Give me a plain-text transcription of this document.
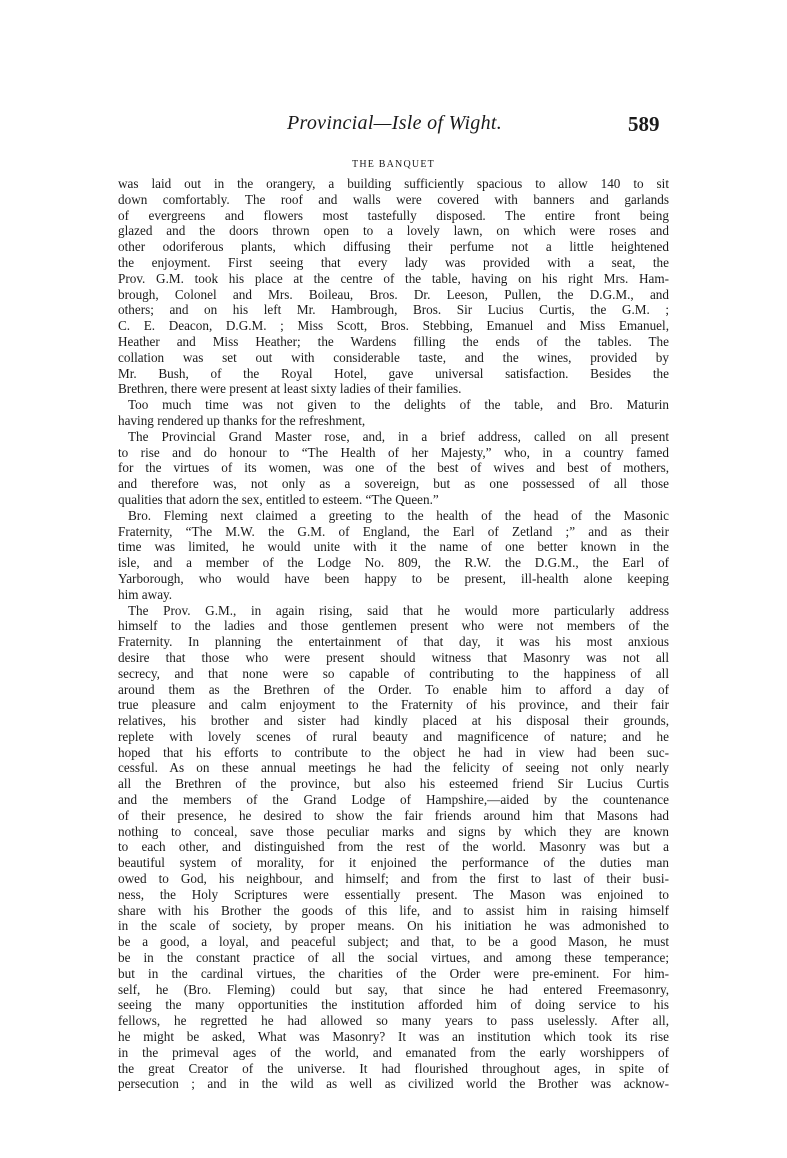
Provincial—Isle of Wight.	589
THE BANQUET
was laid out in the orangery, a building sufficiently spacious to allow 140 to sit
down comfortably. The roof and walls were covered with banners and garlands
of evergreens and flowers most tastefully disposed. The entire front being
glazed and the doors thrown open to a lovely lawn, on which were roses and
other odoriferous plants, which diffusing their perfume not a little heightened
the enjoyment. First seeing that every lady was provided with a seat, the
Prov. G.M. took his place at the centre of the table, having on his right Mrs. Ham-
brough, Colonel and Mrs. Boileau, Bros. Dr. Leeson, Pullen, the D.G.M., and
others; and on his left Mr. Hambrough, Bros. Sir Lucius Curtis, the G.M. ;
C. E. Deacon, D.G.M. ; Miss Scott, Bros. Stebbing, Emanuel and Miss Emanuel,
Heather and Miss Heather; the Wardens filling the ends of the tables. The
collation was set out with considerable taste, and the wines, provided by
Mr. Bush, of the Royal Hotel, gave universal satisfaction. Besides the
Brethren, there were present at least sixty ladies of their families.
Too much time was not given to the delights of the table, and Bro. Maturin
having rendered up thanks for the refreshment,
The Provincial Grand Master rose, and, in a brief address, called on all present
to rise and do honour to “The Health of her Majesty,” who, in a country famed
for the virtues of its women, was one of the best of wives and best of mothers,
and therefore was, not only as a sovereign, but as one possessed of all those
qualities that adorn the sex, entitled to esteem. “The Queen.”
Bro. Fleming next claimed a greeting to the health of the head of the Masonic
Fraternity, “The M.W. the G.M. of England, the Earl of Zetland ;” and as their
time was limited, he would unite with it the name of one better known in the
isle, and a member of the Lodge No. 809, the R.W. the D.G.M., the Earl of
Yarborough, who would have been happy to be present, ill-health alone keeping
him away.
The Prov. G.M., in again rising, said that he would more particularly address
himself to the ladies and those gentlemen present who were not members of the
Fraternity. In planning the entertainment of that day, it was his most anxious
desire that those who were present should witness that Masonry was not all
secrecy, and that none were so capable of contributing to the happiness of all
around them as the Brethren of the Order. To enable him to afford a day of
true pleasure and calm enjoyment to the Fraternity of his province, and their fair
relatives, his brother and sister had kindly placed at his disposal their grounds,
replete with lovely scenes of rural beauty and magnificence of nature; and he
hoped that his efforts to contribute to the object he had in view had been suc-
cessful. As on these annual meetings he had the felicity of seeing not only nearly
all the Brethren of the province, but also his esteemed friend Sir Lucius Curtis
and the members of the Grand Lodge of Hampshire,—aided by the countenance
of their presence, he desired to show the fair friends around him that Masons had
nothing to conceal, save those peculiar marks and signs by which they are known
to each other, and distinguished from the rest of the world. Masonry was but a
beautiful system of morality, for it enjoined the performance of the duties man
owed to God, his neighbour, and himself; and from the first to last of their busi-
ness, the Holy Scriptures were essentially present. The Mason was enjoined to
share with his Brother the goods of this life, and to assist him in raising himself
in the scale of society, by proper means. On his initiation he was admonished to
be a good, a loyal, and peaceful subject; and that, to be a good Mason, he must
be in the constant practice of all the social virtues, and among these temperance;
but in the cardinal virtues, the charities of the Order were pre-eminent. For him-
self, he (Bro. Fleming) could but say, that since he had entered Freemasonry,
seeing the many opportunities the institution afforded him of doing service to his
fellows, he regretted he had allowed so many years to pass uselessly. After all,
he might be asked, What was Masonry? It was an institution which took its rise
in the primeval ages of the world, and emanated from the early worshippers of
the great Creator of the universe. It had flourished throughout ages, in spite of
persecution ; and in the wild as well as civilized world the Brother was acknow-
